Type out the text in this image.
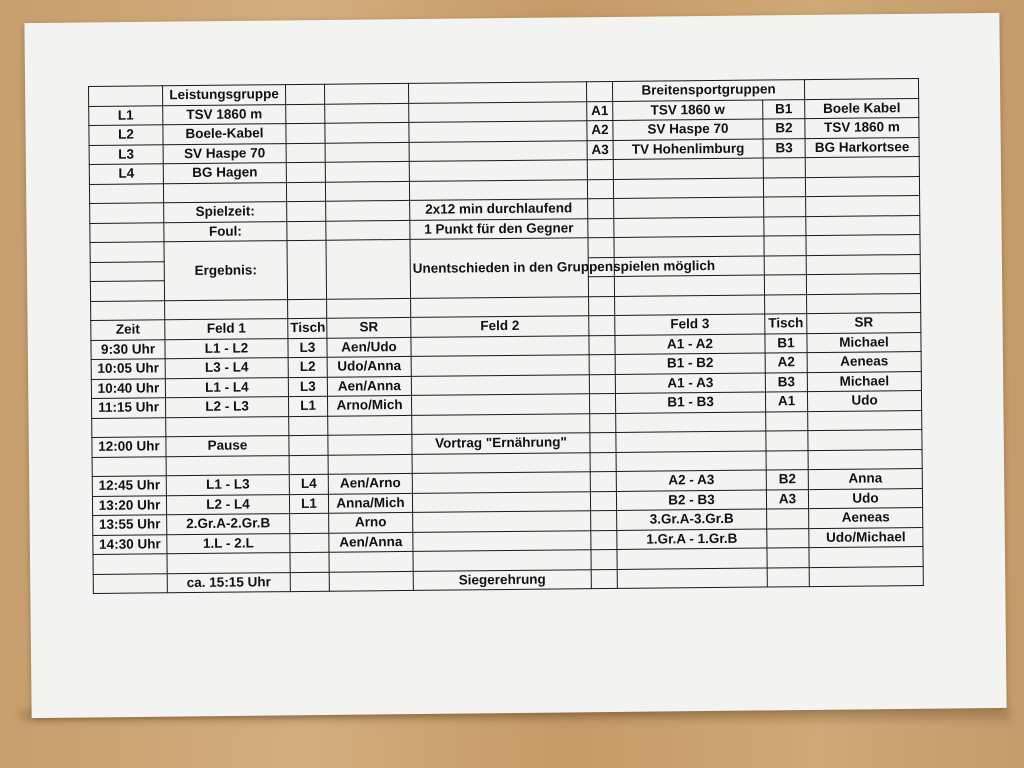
	Leistungsgruppe					Breitensportgruppen		
L1	TSV 1860 m				A1	TSV 1860 w	B1	Boele Kabel
L2	Boele-Kabel				A2	SV Haspe 70	B2	TSV 1860 m
L3	SV Haspe 70				A3	TV Hohenlimburg	B3	BG Harkortsee
L4	BG Hagen							

	Spielzeit:			2x12 min durchlaufend				
	Foul:			1 Punkt für den Gegner				
	Ergebnis:			Unentschieden in den Gruppenspielen möglich				

Zeit	Feld 1	Tisch	SR	Feld 2		Feld 3	Tisch	SR
9:30 Uhr	L1 - L2	L3	Aen/Udo			A1 - A2	B1	Michael
10:05 Uhr	L3 - L4	L2	Udo/Anna			B1 - B2	A2	Aeneas
10:40 Uhr	L1 - L4	L3	Aen/Anna			A1 - A3	B3	Michael
11:15 Uhr	L2 - L3	L1	Arno/Mich			B1 - B3	A1	Udo

12:00 Uhr	Pause			Vortrag "Ernährung"				

12:45 Uhr	L1 - L3	L4	Aen/Arno			A2 - A3	B2	Anna
13:20 Uhr	L2 - L4	L1	Anna/Mich			B2 - B3	A3	Udo
13:55 Uhr	2.Gr.A-2.Gr.B		Arno			3.Gr.A-3.Gr.B		Aeneas
14:30 Uhr	1.L - 2.L		Aen/Anna			1.Gr.A - 1.Gr.B		Udo/Michael

	ca. 15:15 Uhr			Siegerehrung				
